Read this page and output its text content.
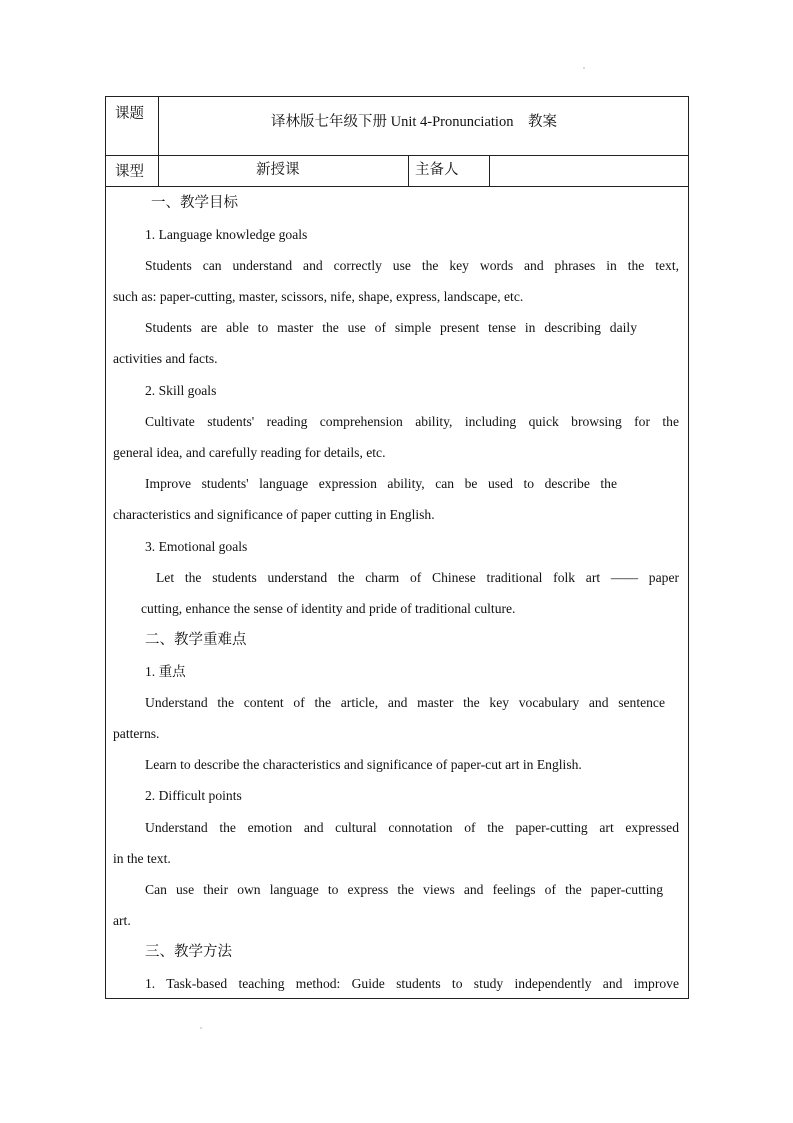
课题	译林版七年级下册 Unit 4-Pronunciation　教案
课型	新授课	主备人
一、教学目标
1. Language knowledge goals
Students can understand and correctly use the key words and phrases in the text,
such as: paper-cutting, master, scissors, nife, shape, express, landscape, etc.
Students are able to master the use of simple present tense in describing daily
activities and facts.
2. Skill goals
Cultivate students' reading comprehension ability, including quick browsing for the
general idea, and carefully reading for details, etc.
Improve students' language expression ability, can be used to describe the
characteristics and significance of paper cutting in English.
3. Emotional goals
Let the students understand the charm of Chinese traditional folk art —— paper
cutting, enhance the sense of identity and pride of traditional culture.
二、教学重难点
1. 重点
Understand the content of the article, and master the key vocabulary and sentence
patterns.
Learn to describe the characteristics and significance of paper-cut art in English.
2. Difficult points
Understand the emotion and cultural connotation of the paper-cutting art expressed
in the text.
Can use their own language to express the views and feelings of the paper-cutting
art.
三、教学方法
1. Task-based teaching method: Guide students to study independently and improve
